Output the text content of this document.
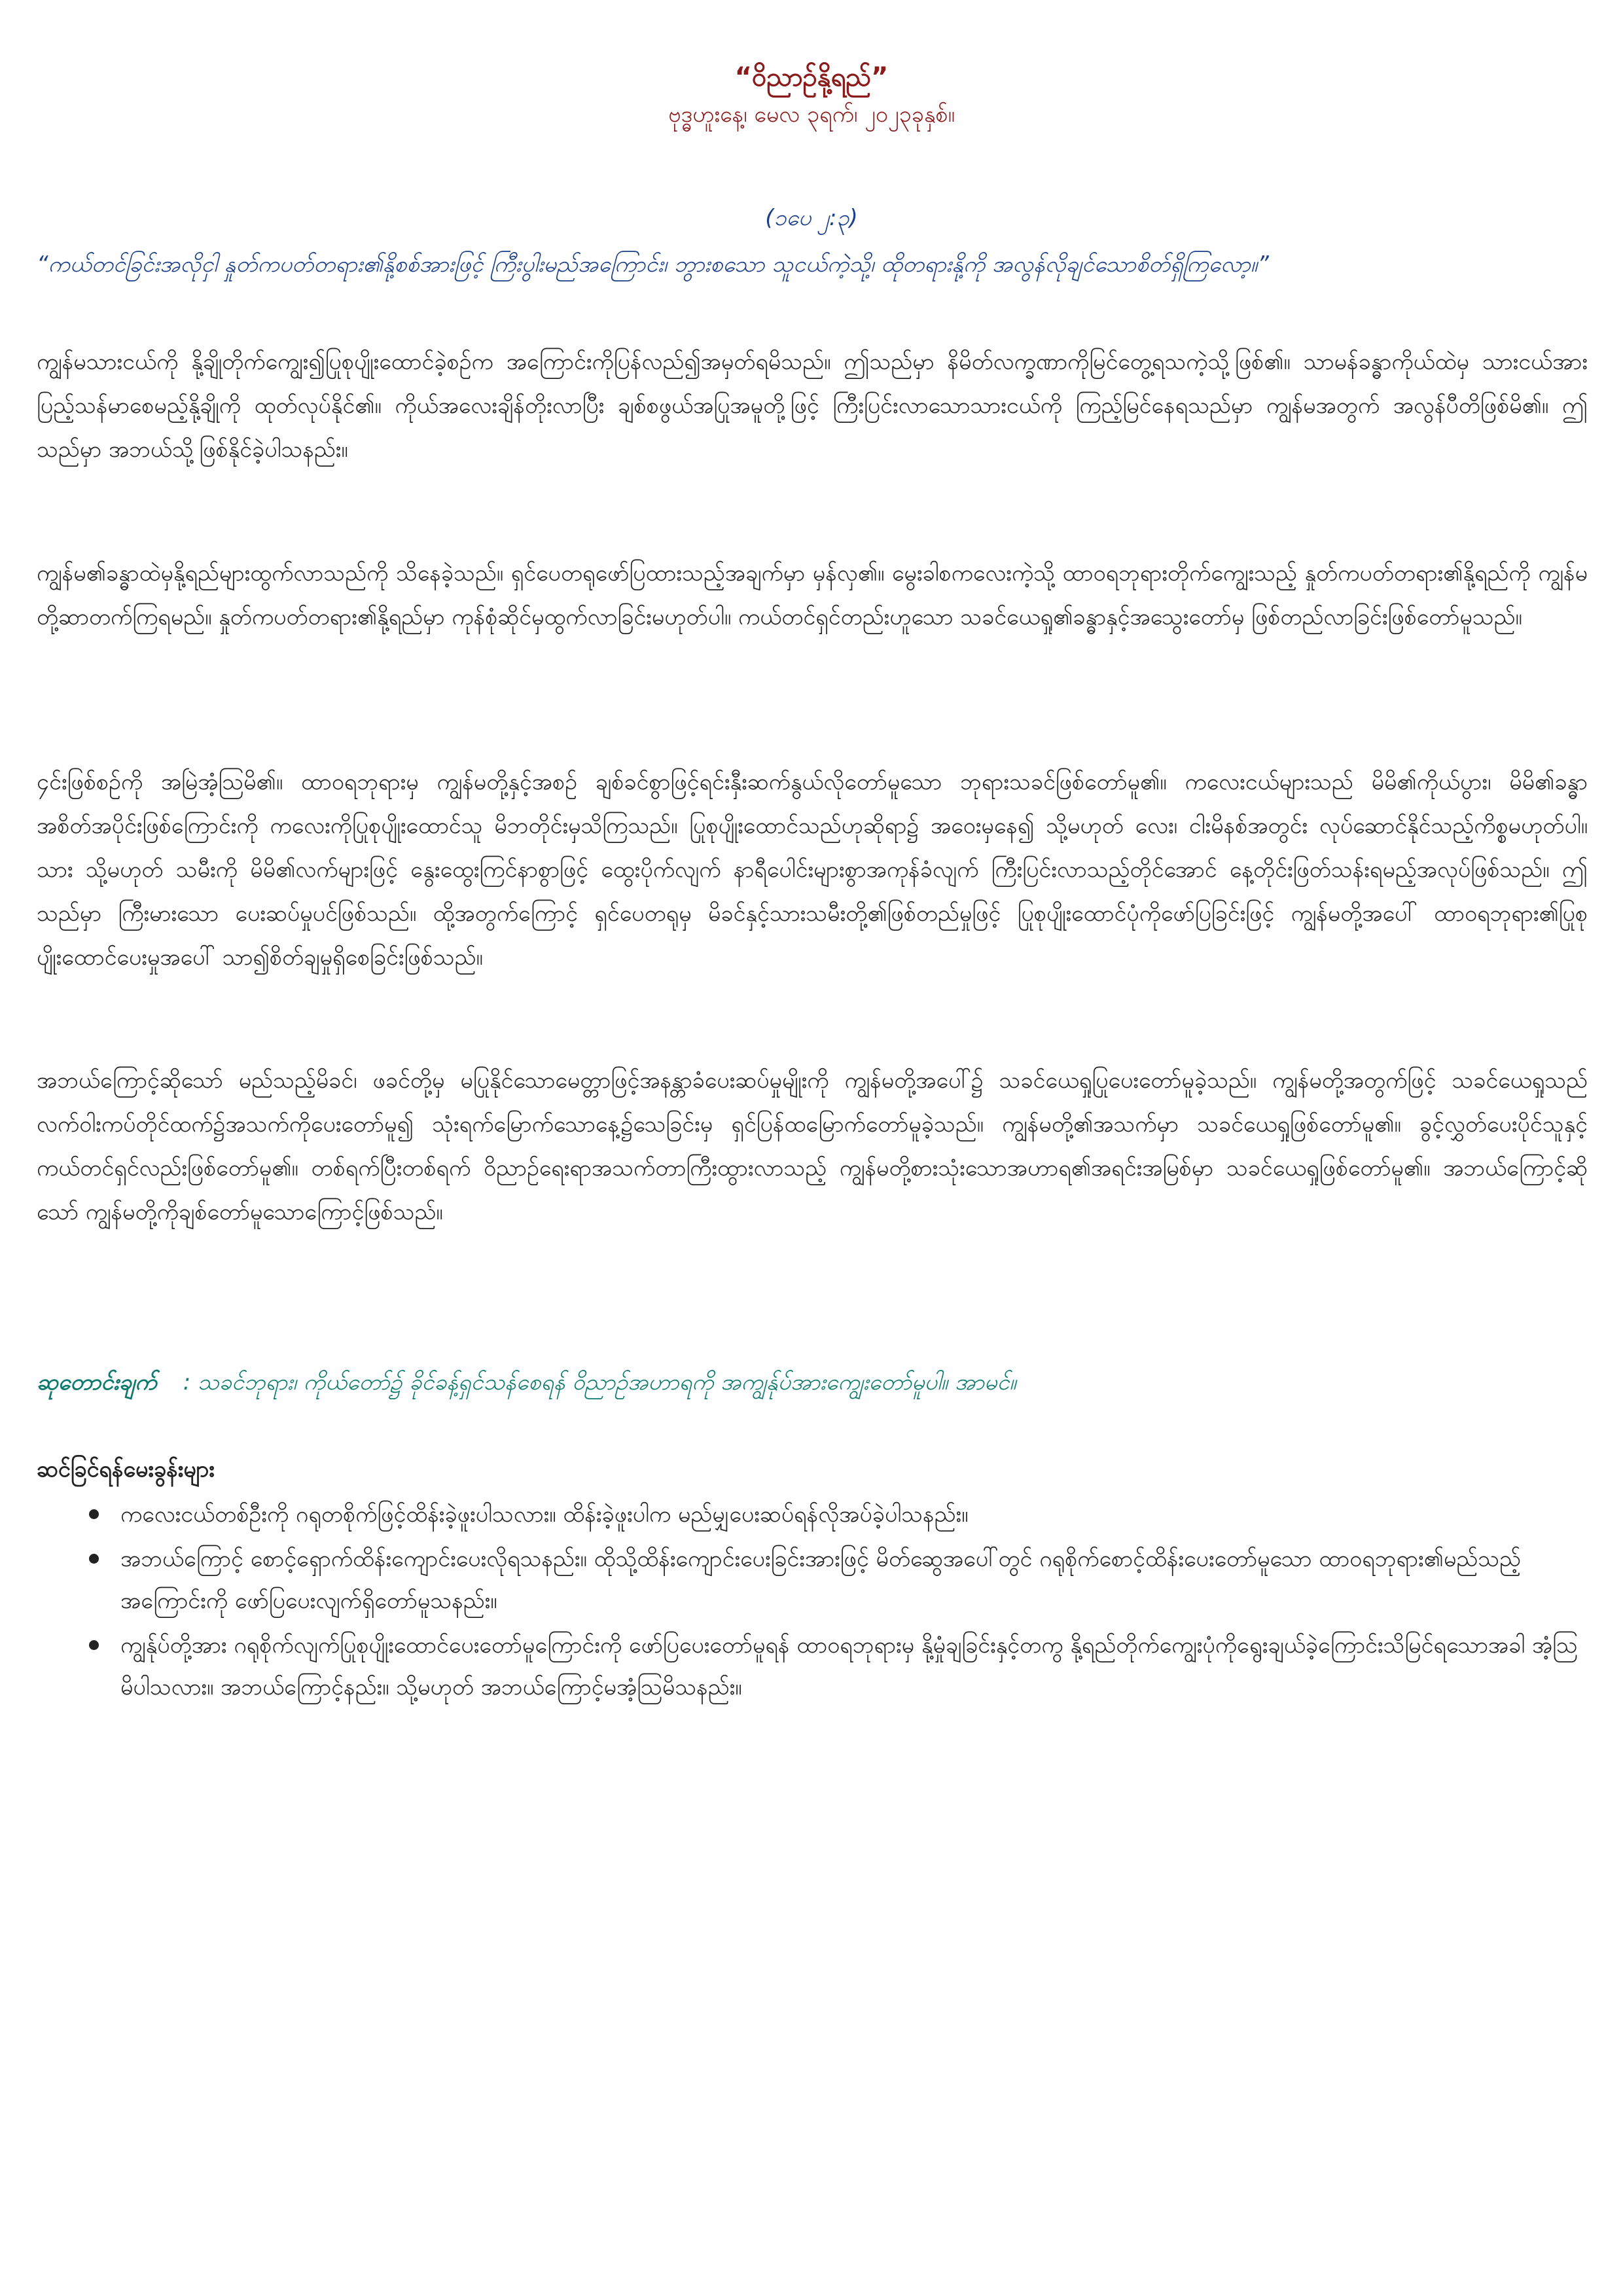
“ဝိညာဉ်နို့ရည်”

ဗုဒ္ဓဟူးနေ့၊ မေလ ၃ရက်၊ ၂၀၂၃ခုနှစ်။

(၁ပေ ၂:၃)

“ကယ်တင်ခြင်းအလိုငှါ နှုတ်ကပတ်တရား၏နို့စစ်အားဖြင့် ကြီးပွါးမည်အကြောင်း၊ ဘွားစသော သူငယ်ကဲ့သို့၊ ထိုတရားနို့ကို အလွန်လိုချင်သောစိတ်ရှိကြလော့။”

ကျွန်မသားငယ်ကို နို့ချိုတိုက်ကျွေး၍ပြုစုပျိုးထောင်ခဲ့စဉ်က အကြောင်းကိုပြန်လည်၍အမှတ်ရမိသည်။ ဤသည်မှာ နိမိတ်လက္ခဏာကိုမြင်တွေ့ရသကဲ့သို့ဖြစ်၏။ သာမန်ခန္ဓာကိုယ်ထဲမှ သားငယ်အားပြည့်သန်မာစေမည့်နို့ချိုကို ထုတ်လုပ်နိုင်၏။ ကိုယ်အလေးချိန်တိုးလာပြီး ချစ်စဖွယ်အပြုအမူတို့ဖြင့် ကြီးပြင်းလာသောသားငယ်ကို ကြည့်မြင်နေရသည်မှာ ကျွန်မအတွက် အလွန်ပီတိဖြစ်မိ၏။ ဤသည်မှာ အဘယ်သို့ဖြစ်နိုင်ခဲ့ပါသနည်း။

ကျွန်မ၏ခန္ဓာထဲမှနို့ရည်များထွက်လာသည်ကို သိနေခဲ့သည်။ ရှင်ပေတရုဖော်ပြထားသည့်အချက်မှာ မှန်လှ၏။ မွေးခါစကလေးကဲ့သို့ ထာဝရဘုရားတိုက်ကျွေးသည့် နှုတ်ကပတ်တရား၏နို့ရည်ကို ကျွန်မတို့ဆာတက်ကြရမည်။ နှုတ်ကပတ်တရား၏နို့ရည်မှာ ကုန်စုံဆိုင်မှထွက်လာခြင်းမဟုတ်ပါ။ ကယ်တင်ရှင်တည်းဟူသော သခင်ယေရှု၏ခန္ဓာနှင့်အသွေးတော်မှ ဖြစ်တည်လာခြင်းဖြစ်တော်မူသည်။

၄င်းဖြစ်စဉ်ကို အမြဲအံ့ဩမိ၏။ ထာဝရဘုရားမှ ကျွန်မတို့နှင့်အစဉ် ချစ်ခင်စွာဖြင့်ရင်းနှီးဆက်နွယ်လိုတော်မူသော ဘုရားသခင်ဖြစ်တော်မူ၏။ ကလေးငယ်များသည် မိမိ၏ကိုယ်ပွား၊ မိမိ၏ခန္ဓာအစိတ်အပိုင်းဖြစ်ကြောင်းကို ကလေးကိုပြုစုပျိုးထောင်သူ မိဘတိုင်းမှသိကြသည်။ ပြုစုပျိုးထောင်သည်ဟုဆိုရာ၌ အဝေးမှနေ၍ သို့မဟုတ် လေး၊ ငါးမိနစ်အတွင်း လုပ်ဆောင်နိုင်သည့်ကိစ္စမဟုတ်ပါ။ သား သို့မဟုတ် သမီးကို မိမိ၏လက်များဖြင့် နွေးထွေးကြင်နာစွာဖြင့် ထွေးပိုက်လျက် နာရီပေါင်းများစွာအကုန်ခံလျက် ကြီးပြင်းလာသည့်တိုင်အောင် နေ့တိုင်းဖြတ်သန်းရမည့်အလုပ်ဖြစ်သည်။ ဤသည်မှာ ကြီးမားသော ပေးဆပ်မှုပင်ဖြစ်သည်။ ထို့အတွက်ကြောင့် ရှင်ပေတရုမှ မိခင်နှင့်သားသမီးတို့၏ဖြစ်တည်မှုဖြင့် ပြုစုပျိုးထောင်ပုံကိုဖော်ပြခြင်းဖြင့် ကျွန်မတို့အပေါ် ထာဝရဘုရား၏ပြုစုပျိုးထောင်ပေးမှုအပေါ် သာ၍စိတ်ချမှုရှိစေခြင်းဖြစ်သည်။

အဘယ်ကြောင့်ဆိုသော် မည်သည့်မိခင်၊ ဖခင်တို့မှ မပြုနိုင်သောမေတ္တာဖြင့်အနန္တာခံပေးဆပ်မှုမျိုးကို ကျွန်မတို့အပေါ်၌ သခင်ယေရှုပြုပေးတော်မူခဲ့သည်။ ကျွန်မတို့အတွက်ဖြင့် သခင်ယေရှုသည် လက်ဝါးကပ်တိုင်ထက်၌အသက်ကိုပေးတော်မူ၍ သုံးရက်မြောက်သောနေ့၌သေခြင်းမှ ရှင်ပြန်ထမြောက်တော်မူခဲ့သည်။ ကျွန်မတို့၏အသက်မှာ သခင်ယေရှုဖြစ်တော်မူ၏။ ခွင့်လွှတ်ပေးပိုင်သူနှင့်ကယ်တင်ရှင်လည်းဖြစ်တော်မူ၏။ တစ်ရက်ပြီးတစ်ရက် ဝိညာဉ်ရေးရာအသက်တာကြီးထွားလာသည့် ကျွန်မတို့စားသုံးသောအဟာရ၏အရင်းအမြစ်မှာ သခင်ယေရှုဖြစ်တော်မူ၏။ အဘယ်ကြောင့်ဆိုသော် ကျွန်မတို့ကိုချစ်တော်မူသောကြောင့်ဖြစ်သည်။

ဆုတောင်းချက် : သခင်ဘုရား၊ ကိုယ်တော်၌ ခိုင်ခန့်ရှင်သန်စေရန် ဝိညာဉ်အဟာရကို အကျွန်ုပ်အားကျွေးတော်မူပါ။ အာမင်။

ဆင်ခြင်ရန်မေးခွန်းများ
ကလေးငယ်တစ်ဦးကို ဂရုတစိုက်ဖြင့်ထိန်းခဲ့ဖူးပါသလား။ ထိန်းခဲ့ဖူးပါက မည်မျှပေးဆပ်ရန်လိုအပ်ခဲ့ပါသနည်း။
အဘယ်ကြောင့် စောင့်ရှောက်ထိန်းကျောင်းပေးလိုရသနည်း။ ထိုသို့ထိန်းကျောင်းပေးခြင်းအားဖြင့် မိတ်ဆွေအပေါ်တွင် ဂရုစိုက်စောင့်ထိန်းပေးတော်မူသော ထာဝရဘုရား၏မည်သည့်အကြောင်းကို ဖော်ပြပေးလျက်ရှိတော်မူသနည်း။
ကျွန်ုပ်တို့အား ဂရုစိုက်လျက်ပြုစုပျိုးထောင်ပေးတော်မူကြောင်းကို ဖော်ပြပေးတော်မူရန် ထာဝရဘုရားမှ နို့မှုံချခြင်းနှင့်တကွ နို့ရည်တိုက်ကျွေးပုံကိုရွေးချယ်ခဲ့ကြောင်းသိမြင်ရသောအခါ အံ့ဩမိပါသလား။ အဘယ်ကြောင့်နည်း။ သို့မဟုတ် အဘယ်ကြောင့်မအံ့ဩမိသနည်း။
